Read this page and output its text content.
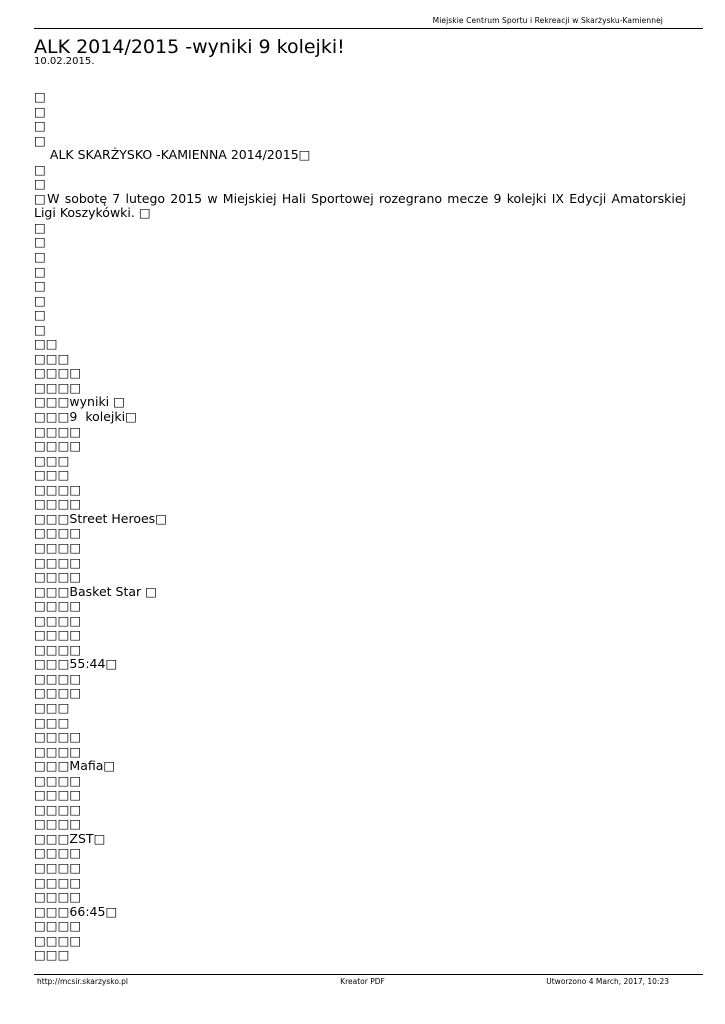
Miejskie Centrum Sportu i Rekreacji w Skarżysku-Kamiennej
ALK 2014/2015 -wyniki 9 kolejki!
10.02.2015.
□
□
□
□
ALK SKARŻYSKO -KAMIENNA 2014/2015□
□
□
□W sobotę 7 lutego 2015 w Miejskiej Hali Sportowej rozegrano mecze 9 kolejki IX Edycji Amatorskiej Ligi Koszykówki. □
□
□
□
□
□
□
□
□
□□
□□□
□□□□
□□□□
□□□wyniki □
□□□9  kolejki□
□□□□
□□□□
□□□
□□□
□□□□
□□□□
□□□Street Heroes□
□□□□
□□□□
□□□□
□□□□
□□□Basket Star □
□□□□
□□□□
□□□□
□□□□
□□□55:44□
□□□□
□□□□
□□□
□□□
□□□□
□□□□
□□□Mafia□
□□□□
□□□□
□□□□
□□□□
□□□ZST□
□□□□
□□□□
□□□□
□□□□
□□□66:45□
□□□□
□□□□
□□□
http://mcsir.skarzysko.pl	Kreator PDF	Utworzono 4 March, 2017, 10:23
